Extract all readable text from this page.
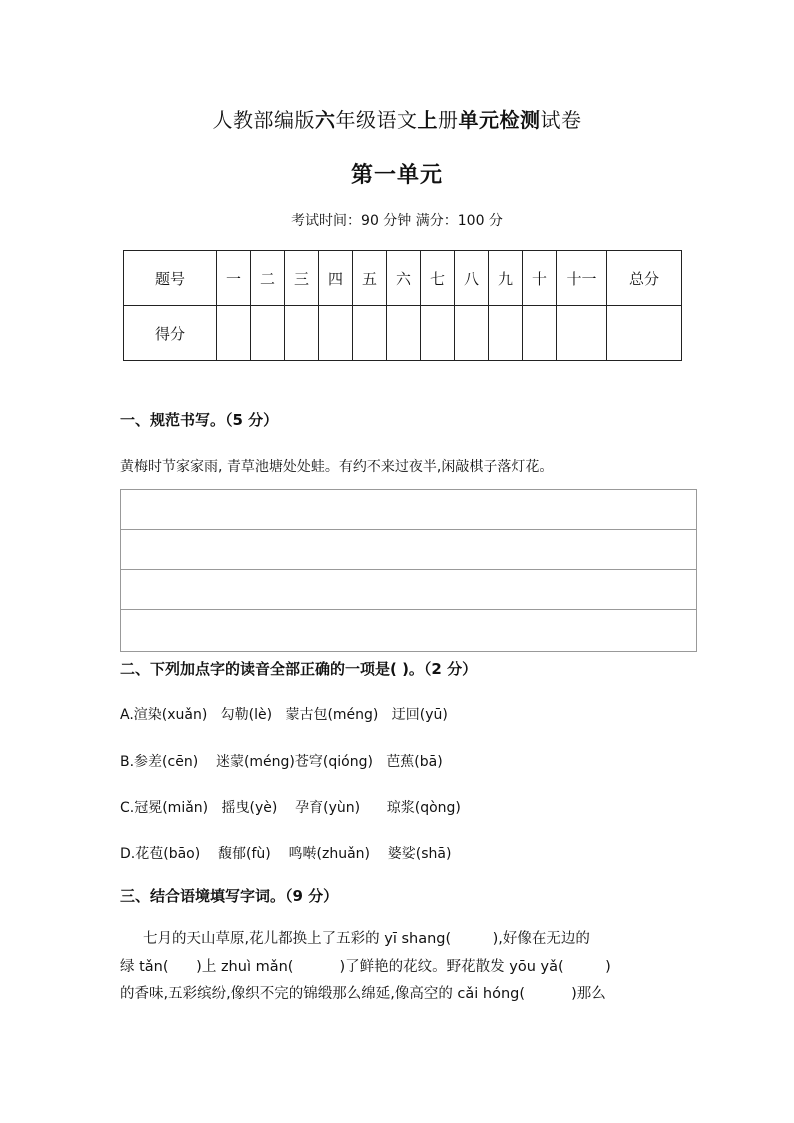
人教部编版六年级语文上册单元检测试卷
第一单元
考试时间：90 分钟 满分：100 分
题号	一	二	三	四	五	六	七	八	九	十	十一	总分
得分												
一、规范书写。（5 分）
黄梅时节家家雨, 青草池塘处处蛙。有约不来过夜半,闲敲棋子落灯花。
二、下列加点字的读音全部正确的一项是( )。（2 分）
A.渲染(xuǎn)   勾勒(lè)   蒙古包(méng)   迂回(yū)
B.参差(cēn)    迷蒙(méng)苍穹(qióng)   芭蕉(bā)
C.冠冕(miǎn)   摇曳(yè)    孕育(yùn)      琼浆(qòng)
D.花苞(bāo)    馥郁(fù)    鸣啭(zhuǎn)    婆娑(shā)
三、结合语境填写字词。（9 分）
七月的天山草原,花儿都换上了五彩的 yī shang(         ),好像在无边的
绿 tǎn(      )上 zhuì mǎn(          )了鲜艳的花纹。野花散发 yōu yǎ(         )
的香味,五彩缤纷,像织不完的锦缎那么绵延,像高空的 cǎi hóng(          )那么
